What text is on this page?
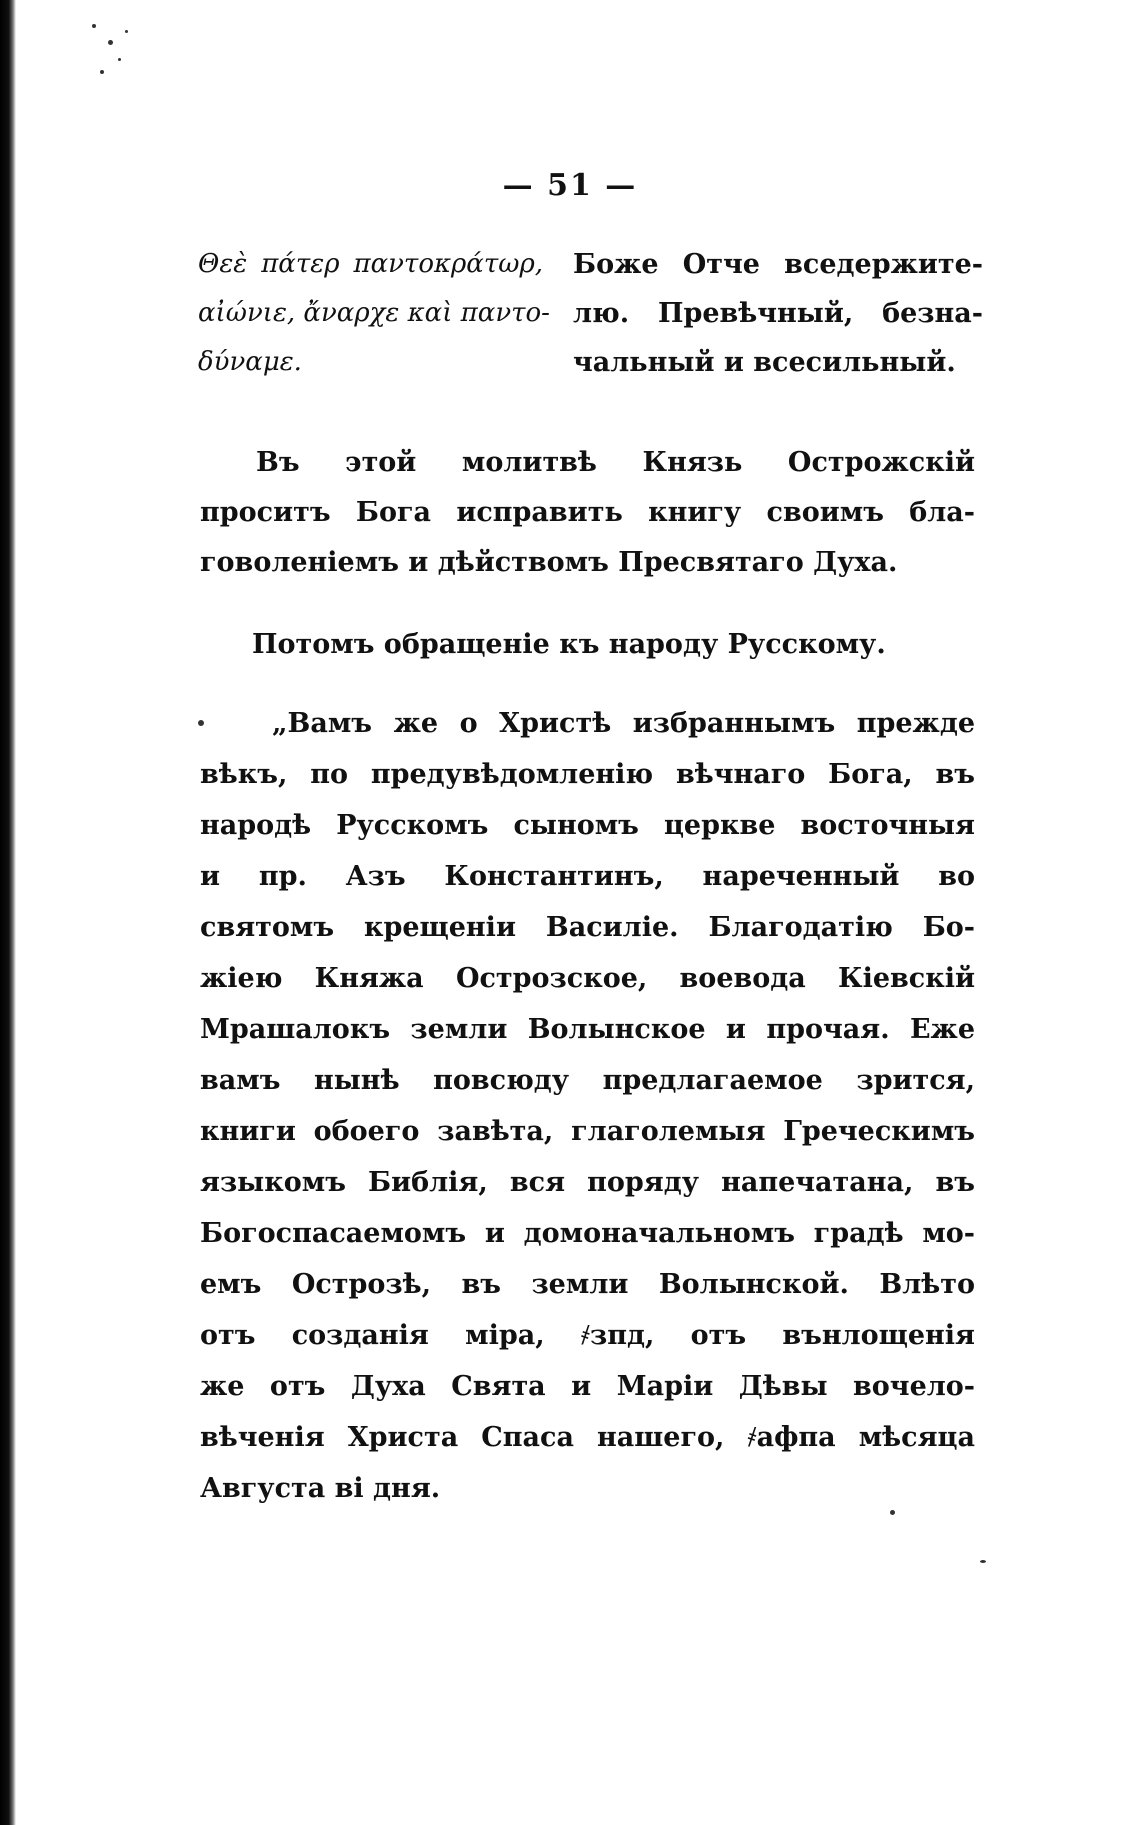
— 51 —
Θεὲ πάτερ παντοκράτωρ,
αἰώνιε, ἄναρχε καὶ παντο-
δύναμε.
Боже Отче вседержите-
лю. Превѣчный, безна-
чальный и всесильный.
Въ этой молитвѣ Князь Острожскій
проситъ Бога исправить книгу своимъ бла-
говоленіемъ и дѣйствомъ Пресвятаго Духа.
Потомъ обращеніе къ народу Русскому.
„Вамъ же о Христѣ избраннымъ прежде
вѣкъ, по предувѣдомленію вѣчнаго Бога, въ
народѣ Русскомъ сыномъ церкве восточныя
и пр. Азъ Константинъ, нареченный во
святомъ крещеніи Василіе. Благодатію Бо-
жіею Княжа Острозское, воевода Кіевскій
Мрашалокъ земли Волынское и прочая. Еже
вамъ нынѣ повсюду предлагаемое зрится,
книги обоего завѣта, глаголемыя Греческимъ
языкомъ Библія, вся поряду напечатана, въ
Богоспасаемомъ и домоначальномъ градѣ мо-
емъ Острозѣ, въ земли Волынской. Влѣто
отъ созданія міра, ҂зпд, отъ вънлощенія
же отъ Духа Свята и Маріи Дѣвы вочело-
вѣченія Христа Спаса нашего, ҂афпа мѣсяца
Августа ві дня.
